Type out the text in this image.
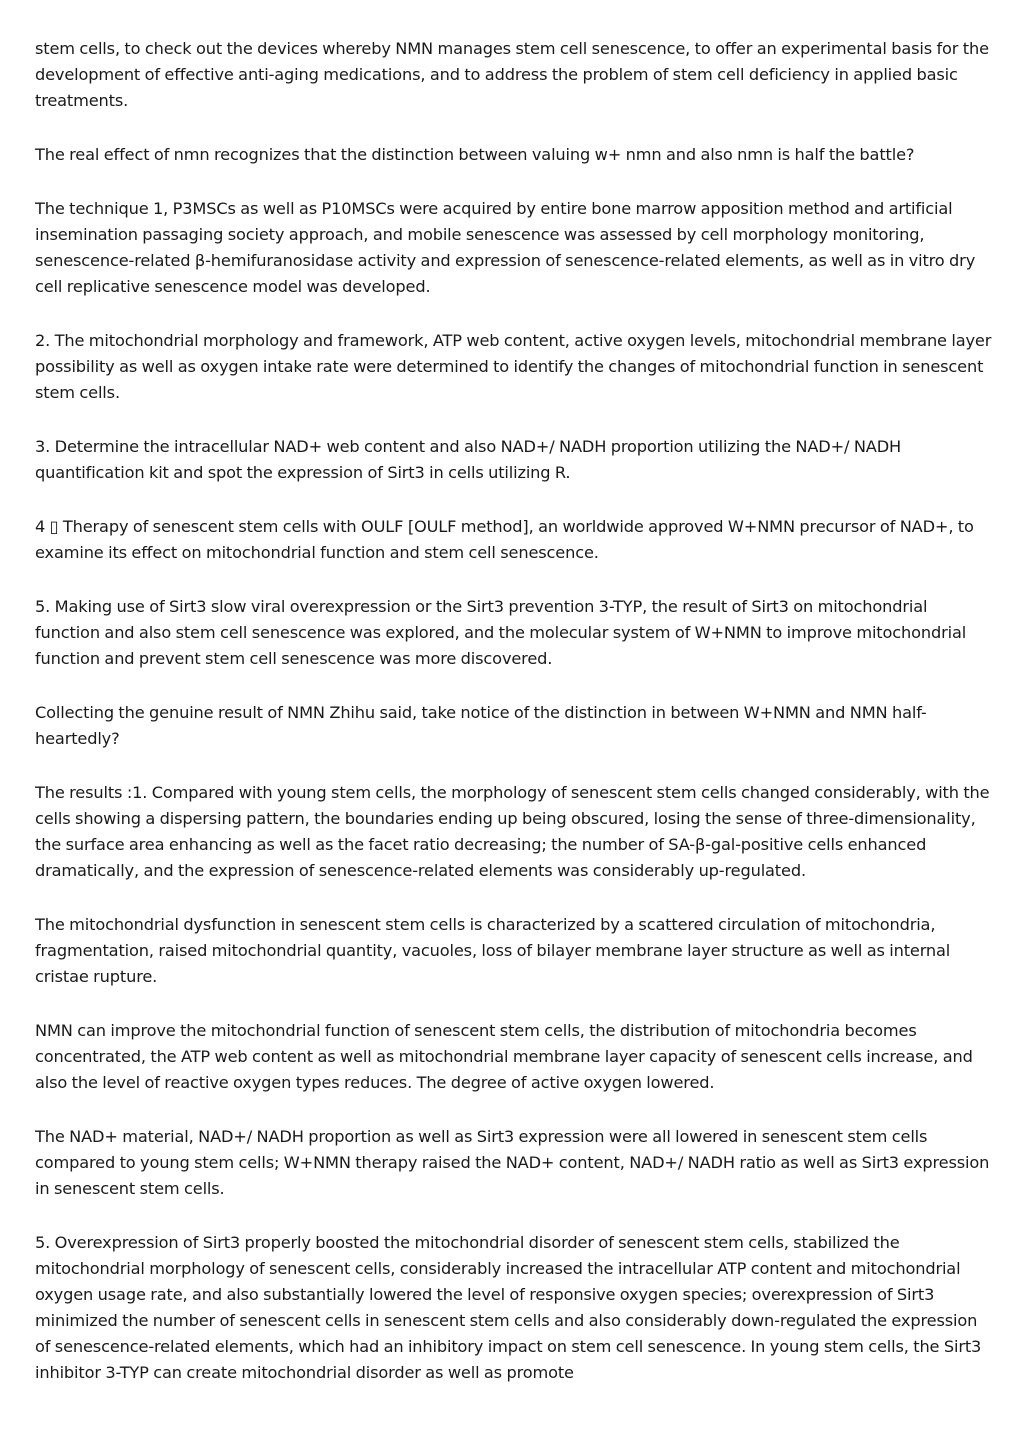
stem cells, to check out the devices whereby NMN manages stem cell senescence, to offer an experimental basis for the development of effective anti-aging medications, and to address the problem of stem cell deficiency in applied basic treatments.

The real effect of nmn recognizes that the distinction between valuing w+ nmn and also nmn is half the battle?

The technique 1, P3MSCs as well as P10MSCs were acquired by entire bone marrow apposition method and artificial insemination passaging society approach, and mobile senescence was assessed by cell morphology monitoring, senescence-related β-hemifuranosidase activity and expression of senescence-related elements, as well as in vitro dry cell replicative senescence model was developed.

2. The mitochondrial morphology and framework, ATP web content, active oxygen levels, mitochondrial membrane layer possibility as well as oxygen intake rate were determined to identify the changes of mitochondrial function in senescent stem cells.

3. Determine the intracellular NAD+ web content and also NAD+/ NADH proportion utilizing the NAD+/ NADH quantification kit and spot the expression of Sirt3 in cells utilizing R.

4 ▯ Therapy of senescent stem cells with OULF [OULF method], an worldwide approved W+NMN precursor of NAD+, to examine its effect on mitochondrial function and stem cell senescence.

5. Making use of Sirt3 slow viral overexpression or the Sirt3 prevention 3-TYP, the result of Sirt3 on mitochondrial function and also stem cell senescence was explored, and the molecular system of W+NMN to improve mitochondrial function and prevent stem cell senescence was more discovered.

Collecting the genuine result of NMN Zhihu said, take notice of the distinction in between W+NMN and NMN half-heartedly?

The results :1. Compared with young stem cells, the morphology of senescent stem cells changed considerably, with the cells showing a dispersing pattern, the boundaries ending up being obscured, losing the sense of three-dimensionality, the surface area enhancing as well as the facet ratio decreasing; the number of SA-β-gal-positive cells enhanced dramatically, and the expression of senescence-related elements was considerably up-regulated.

The mitochondrial dysfunction in senescent stem cells is characterized by a scattered circulation of mitochondria, fragmentation, raised mitochondrial quantity, vacuoles, loss of bilayer membrane layer structure as well as internal cristae rupture.

NMN can improve the mitochondrial function of senescent stem cells, the distribution of mitochondria becomes concentrated, the ATP web content as well as mitochondrial membrane layer capacity of senescent cells increase, and also the level of reactive oxygen types reduces. The degree of active oxygen lowered.

The NAD+ material, NAD+/ NADH proportion as well as Sirt3 expression were all lowered in senescent stem cells compared to young stem cells; W+NMN therapy raised the NAD+ content, NAD+/ NADH ratio as well as Sirt3 expression in senescent stem cells.

5. Overexpression of Sirt3 properly boosted the mitochondrial disorder of senescent stem cells, stabilized the mitochondrial morphology of senescent cells, considerably increased the intracellular ATP content and mitochondrial oxygen usage rate, and also substantially lowered the level of responsive oxygen species; overexpression of Sirt3 minimized the number of senescent cells in senescent stem cells and also considerably down-regulated the expression of senescence-related elements, which had an inhibitory impact on stem cell senescence. In young stem cells, the Sirt3 inhibitor 3-TYP can create mitochondrial disorder as well as promote
